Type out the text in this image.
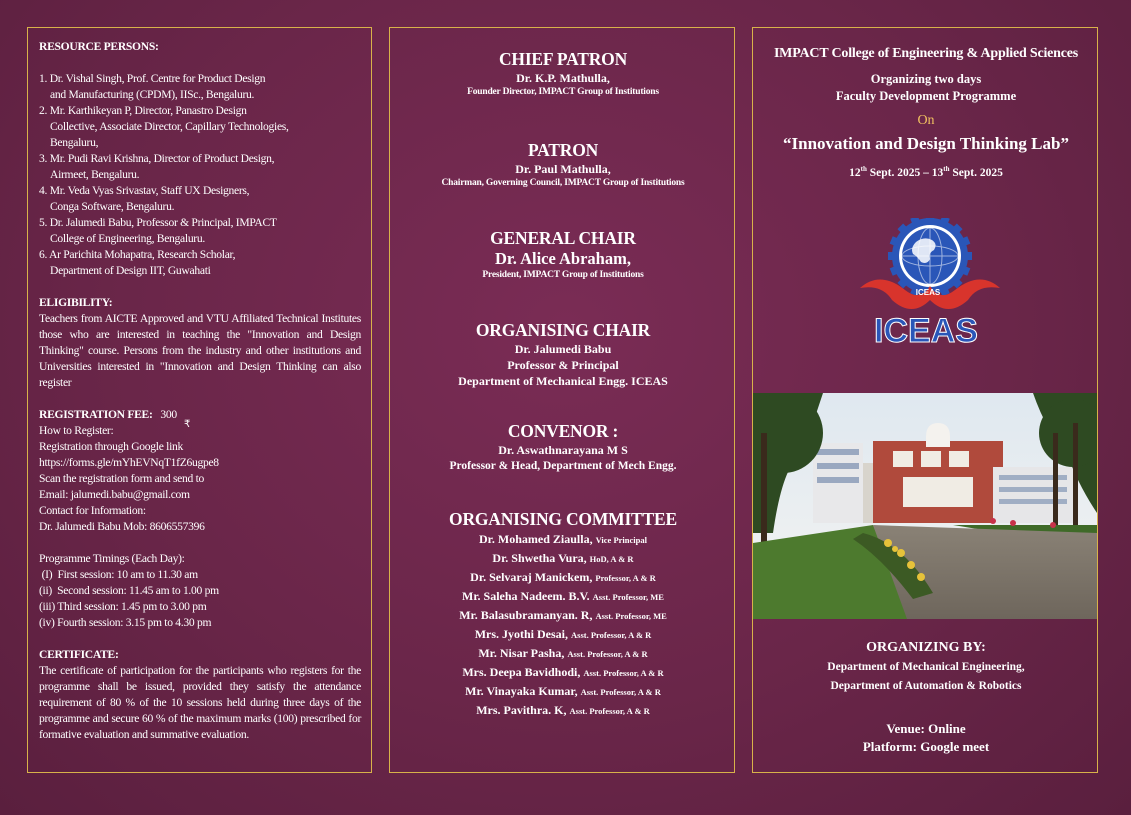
RESOURCE PERSONS:
1. Dr. Vishal Singh, Prof. Centre for Product Design
and Manufacturing (CPDM), IISc., Bengaluru.
2. Mr. Karthikeyan P, Director, Panastro Design
Collective, Associate Director, Capillary Technologies,
Bengaluru,
3. Mr. Pudi Ravi Krishna, Director of Product Design,
Airmeet, Bengaluru.
4. Mr. Veda Vyas Srivastav, Staff UX Designers,
Conga Software, Bengaluru.
5. Dr. Jalumedi Babu, Professor & Principal, IMPACT
College of Engineering, Bengaluru.
6. Ar Parichita Mohapatra, Research Scholar,
Department of Design IIT, Guwahati
ELIGIBILITY:
Teachers from AICTE Approved and VTU Affiliated Technical Institutes those who are interested in teaching the "Innovation and Design Thinking" course. Persons from the industry and other institutions and Universities interested in "Innovation and Design Thinking can also register
REGISTRATION FEE: 300
How to Register:	₹
Registration through Google link
https://forms.gle/mYhEVNqT1fZ6ugpe8
Scan the registration form and send to
Email: jalumedi.babu@gmail.com
Contact for Information:
Dr. Jalumedi Babu Mob: 8606557396
Programme Timings (Each Day):
(I)  First session: 10 am to 11.30 am
(ii)  Second session: 11.45 am to 1.00 pm
(iii) Third session: 1.45 pm to 3.00 pm
(iv) Fourth session: 3.15 pm to 4.30 pm
CERTIFICATE:
The certificate of participation for the participants who registers for the programme shall be issued, provided they satisfy the attendance requirement of 80 % of the 10 sessions held during three days of the programme and secure 60 % of the maximum marks (100) prescribed for formative evaluation and summative evaluation.
CHIEF PATRON
Dr. K.P. Mathulla,
Founder Director, IMPACT Group of Institutions
PATRON
Dr. Paul Mathulla,
Chairman, Governing Council, IMPACT Group of Institutions
GENERAL CHAIR
Dr. Alice Abraham,
President, IMPACT Group of Institutions
ORGANISING CHAIR
Dr. Jalumedi Babu
Professor & Principal
Department of Mechanical Engg. ICEAS
CONVENOR :
Dr. Aswathnarayana M S
Professor & Head, Department of Mech Engg.
ORGANISING COMMITTEE
Dr. Mohamed Ziaulla, Vice Principal
Dr. Shwetha Vura, HoD, A & R
Dr. Selvaraj Manickem, Professor, A & R
Mr. Saleha Nadeem. B.V. Asst. Professor, ME
Mr. Balasubramanyan. R, Asst. Professor, ME
Mrs. Jyothi Desai, Asst. Professor, A & R
Mr. Nisar Pasha, Asst. Professor, A & R
Mrs. Deepa Bavidhodi, Asst. Professor, A & R
Mr. Vinayaka Kumar, Asst. Professor, A & R
Mrs. Pavithra. K, Asst. Professor, A & R
IMPACT College of Engineering & Applied Sciences
Organizing two days
Faculty Development Programme
On
“Innovation and Design Thinking Lab”
12th Sept. 2025 – 13th Sept. 2025
ICEAS
ICEAS
ORGANIZING BY:
Department of Mechanical Engineering,
Department of Automation & Robotics
Venue: Online
Platform: Google meet
